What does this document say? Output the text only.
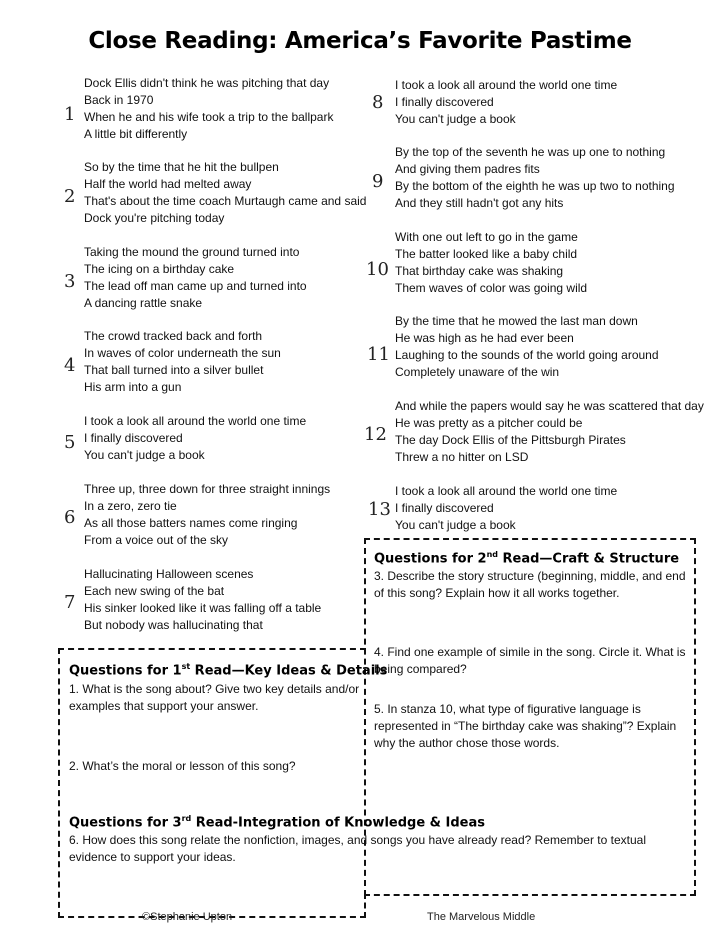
Close Reading: America’s Favorite Pastime
1
Dock Ellis didn't think he was pitching that day
Back in 1970
When he and his wife took a trip to the ballpark
A little bit differently
2
So by the time that he hit the bullpen
Half the world had melted away
That's about the time coach Murtaugh came and said
Dock you're pitching today
3
Taking the mound the ground turned into
The icing on a birthday cake
The lead off man came up and turned into
A dancing rattle snake
4
The crowd tracked back and forth
In waves of color underneath the sun
That ball turned into a silver bullet
His arm into a gun
5
I took a look all around the world one time
I finally discovered
You can't judge a book
6
Three up, three down for three straight innings
In a zero, zero tie
As all those batters names come ringing
From a voice out of the sky
7
Hallucinating Halloween scenes
Each new swing of the bat
His sinker looked like it was falling off a table
But nobody was hallucinating that
8
I took a look all around the world one time
I finally discovered
You can't judge a book
9
By the top of the seventh he was up one to nothing
And giving them padres fits
By the bottom of the eighth he was up two to nothing
And they still hadn't got any hits
10
With one out left to go in the game
The batter looked like a baby child
That birthday cake was shaking
Them waves of color was going wild
11
By the time that he mowed the last man down
He was high as he had ever been
Laughing to the sounds of the world going around
Completely unaware of the win
12
And while the papers would say he was scattered that day
He was pretty as a pitcher could be
The day Dock Ellis of the Pittsburgh Pirates
Threw a no hitter on LSD
13
I took a look all around the world one time
I finally discovered
You can't judge a book
Questions for 2nd Read—Craft & Structure
3. Describe the story structure (beginning, middle, and end of this song? Explain how it all works together.
4. Find one example of simile in the song. Circle it. What is being compared?
5. In stanza 10, what type of figurative language is represented in “The birthday cake was shaking”? Explain why the author chose those words.
Questions for 1st Read—Key Ideas & Details
1. What is the song about? Give two key details and/or examples that support your answer.
2. What’s the moral or lesson of this song?
Questions for 3rd Read-Integration of Knowledge & Ideas
6. How does this song relate the nonfiction, images, and songs you have already read? Remember to textual evidence to support your ideas.
©Stephanie Upton	The Marvelous Middle
